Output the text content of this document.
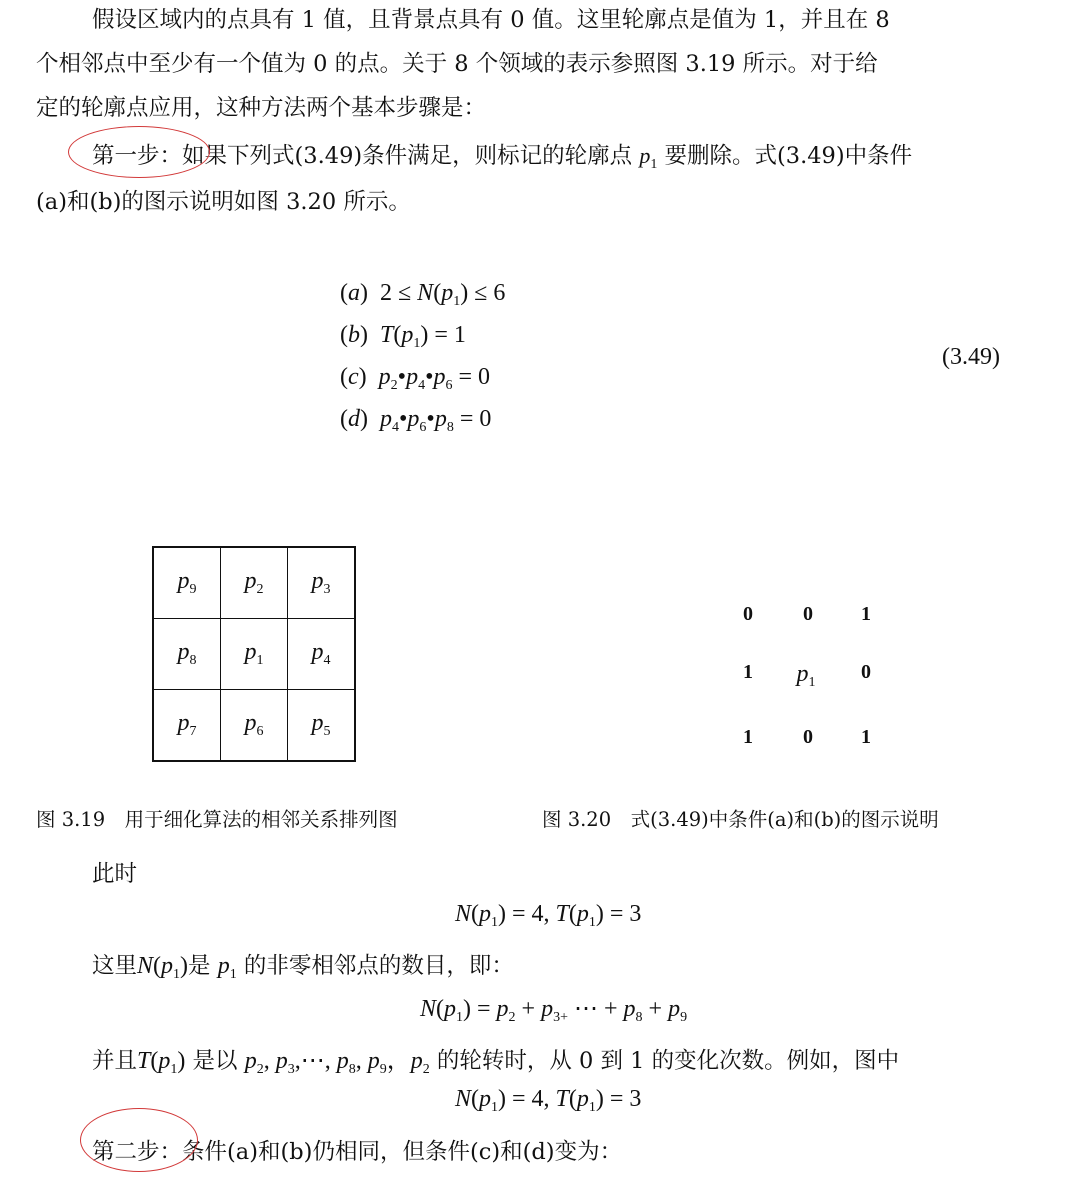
假设区域内的点具有 1 值，且背景点具有 0 值。这里轮廓点是值为 1，并且在 8
个相邻点中至少有一个值为 0 的点。关于 8 个领域的表示参照图 3.19 所示。对于给
定的轮廓点应用，这种方法两个基本步骤是：
第一步：如果下列式(3.49)条件满足，则标记的轮廓点 $p_1$ 要删除。式(3.49)中条件
(a)和(b)的图示说明如图 3.20 所示。
(a)  $2 \le N(p_1) \le 6$
(b)  $T(p_1) = 1$
(c)  $p_2•p_4•p_6 = 0$
(d)  $p_4•p_6•p_8 = 0$
(3.49)
$p_9$	$p_2$	$p_3$
$p_8$	$p_1$	$p_4$
$p_7$	$p_6$	$p_5$
0	0	1
1	$p_1$	0
1	0	1
图 3.19　用于细化算法的相邻关系排列图	图 3.20　式(3.49)中条件(a)和(b)的图示说明
此时
$N(p_1) = 4$, $T(p_1) = 3$
这里$N(p_1)$是 $p_1$ 的非零相邻点的数目，即：
$N(p_1) = p_2 + p_{3+}$ ⋯ + $p_8 + p_9$
并且$T(p_1)$ 是以 $p_2$, $p_3,\cdots$, $p_8$, $p_9$，$p_2$ 的轮转时，从 0 到 1 的变化次数。例如，图中
$N(p_1) = 4$, $T(p_1) = 3$
第二步：条件(a)和(b)仍相同，但条件(c)和(d)变为：
